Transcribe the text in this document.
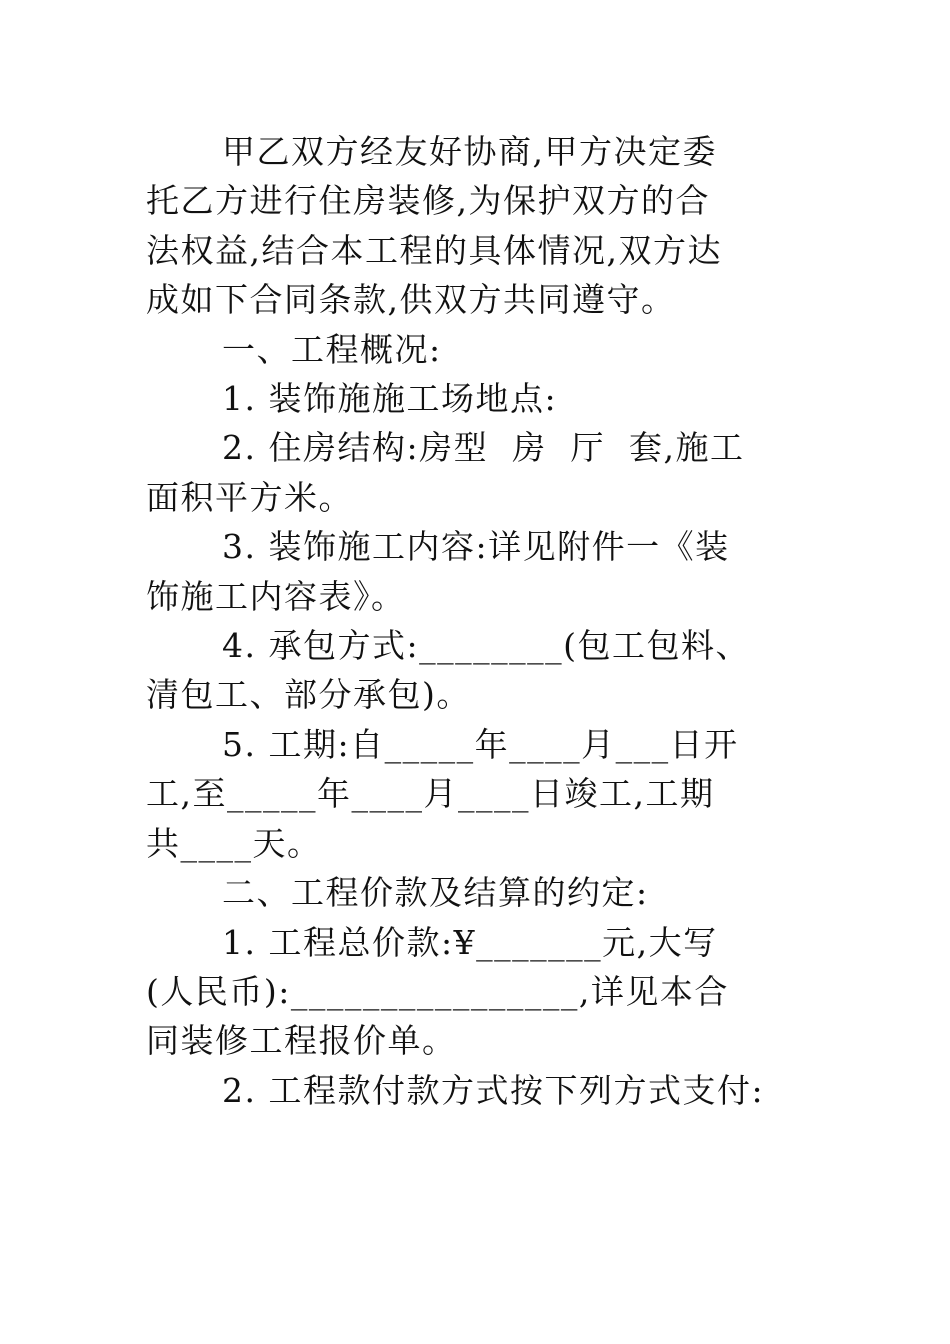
甲乙双方经友好协商,甲方决定委
托乙方进行住房装修,为保护双方的合
法权益,结合本工程的具体情况,双方达
成如下合同条款,供双方共同遵守。
一、工程概况:
1. 装饰施施工场地点:
2. 住房结构:房型  房  厅  套,施工
面积平方米。
3. 装饰施工内容:详见附件一《装
饰施工内容表》。
4. 承包方式:________(包工包料、
清包工、部分承包)。
5. 工期:自_____年____月___日开
工,至_____年____月____日竣工,工期
共____天。
二、工程价款及结算的约定:
1. 工程总价款:¥_______元,大写
(人民币):________________,详见本合
同装修工程报价单。
2. 工程款付款方式按下列方式支付:
